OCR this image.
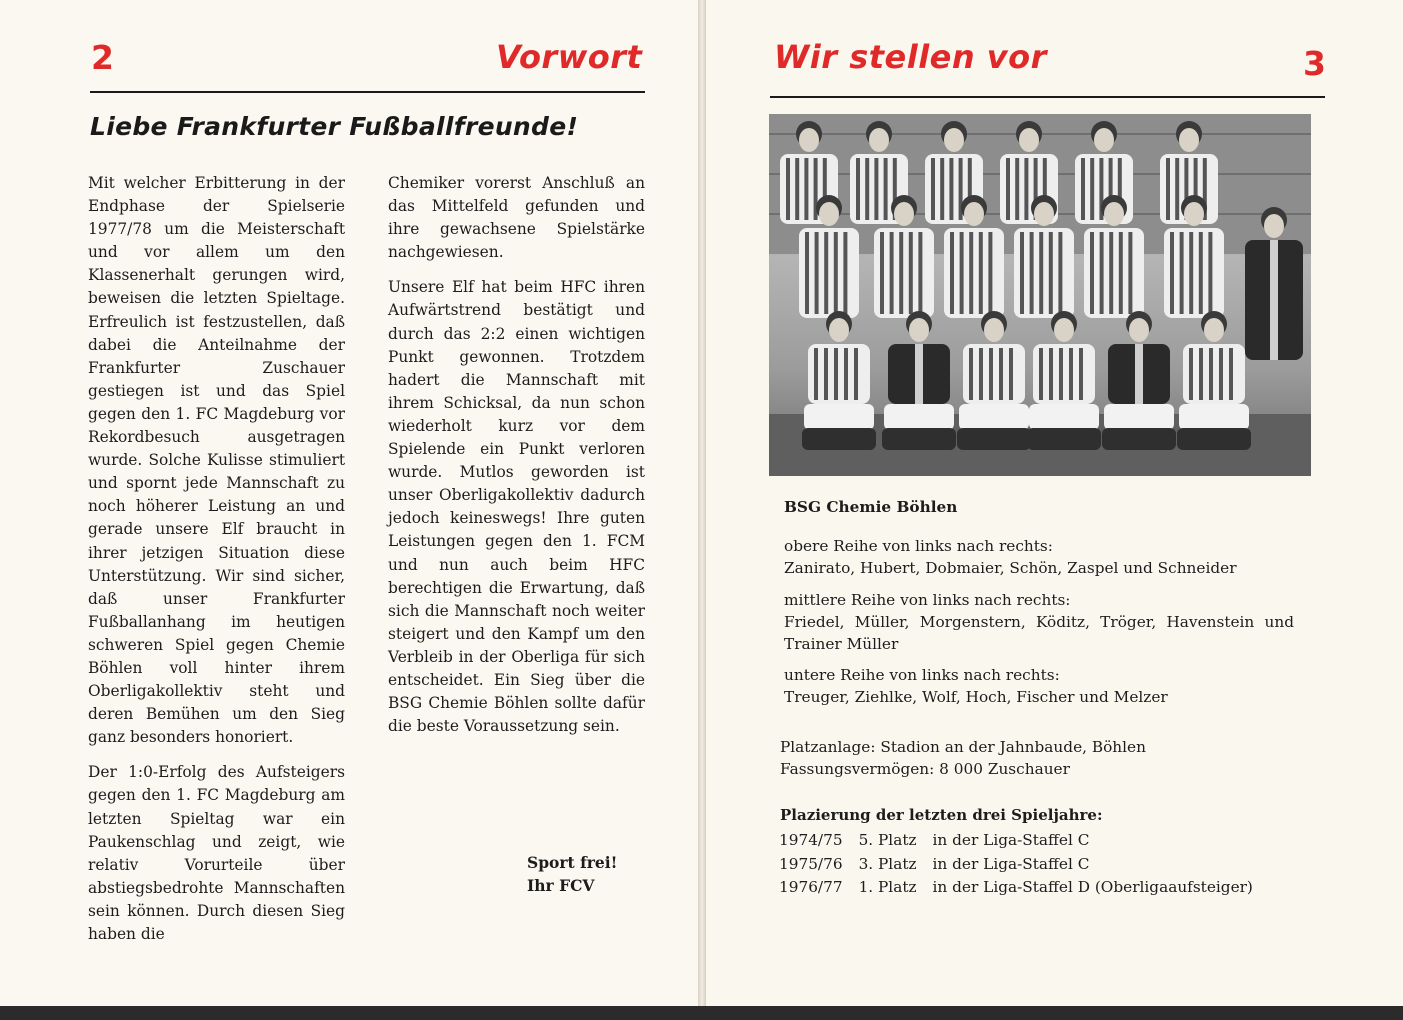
2	Vorwort
Liebe Frankfurter Fußballfreunde!

Mit welcher Erbitterung in der Endphase der Spielserie 1977/78 um die Meisterschaft und vor allem um den Klassenerhalt gerungen wird, beweisen die letzten Spieltage. Erfreulich ist festzustellen, daß dabei die Anteilnahme der Frankfurter Zuschauer gestiegen ist und das Spiel gegen den 1. FC Magdeburg vor Rekordbesuch ausgetragen wurde. Solche Kulisse stimuliert und spornt jede Mannschaft zu noch höherer Leistung an und gerade unsere Elf braucht in ihrer jetzigen Situation diese Unterstützung. Wir sind sicher, daß unser Frankfurter Fußballanhang im heutigen schweren Spiel gegen Chemie Böhlen voll hinter ihrem Oberligakollektiv steht und deren Bemühen um den Sieg ganz besonders honoriert.

Der 1:0-Erfolg des Aufsteigers gegen den 1. FC Magdeburg am letzten Spieltag war ein Paukenschlag und zeigt, wie relativ Vorurteile über abstiegsbedrohte Mannschaften sein können. Durch diesen Sieg haben die

Chemiker vorerst Anschluß an das Mittelfeld gefunden und ihre gewachsene Spielstärke nachgewiesen.

Unsere Elf hat beim HFC ihren Aufwärtstrend bestätigt und durch das 2:2 einen wichtigen Punkt gewonnen. Trotzdem hadert die Mannschaft mit ihrem Schicksal, da nun schon wiederholt kurz vor dem Spielende ein Punkt verloren wurde. Mutlos geworden ist unser Oberligakollektiv dadurch jedoch keineswegs! Ihre guten Leistungen gegen den 1. FCM und nun auch beim HFC berechtigen die Erwartung, daß sich die Mannschaft noch weiter steigert und den Kampf um den Verbleib in der Oberliga für sich entscheidet. Ein Sieg über die BSG Chemie Böhlen sollte dafür die beste Voraussetzung sein.

Sport frei!
Ihr FCV
Wir stellen vor	3
BSG Chemie Böhlen
obere Reihe von links nach rechts:
Zanirato, Hubert, Dobmaier, Schön, Zaspel und Schneider
mittlere Reihe von links nach rechts:
Friedel, Müller, Morgenstern, Köditz, Tröger, Havenstein und Trainer Müller
untere Reihe von links nach rechts:
Treuger, Ziehlke, Wolf, Hoch, Fischer und Melzer
Platzanlage: Stadion an der Jahnbaude, Böhlen
Fassungsvermögen: 8 000 Zuschauer
Plazierung der letzten drei Spieljahre:
1974/75	5. Platz	in der Liga-Staffel C
1975/76	3. Platz	in der Liga-Staffel C
1976/77	1. Platz	in der Liga-Staffel D (Oberligaaufsteiger)
